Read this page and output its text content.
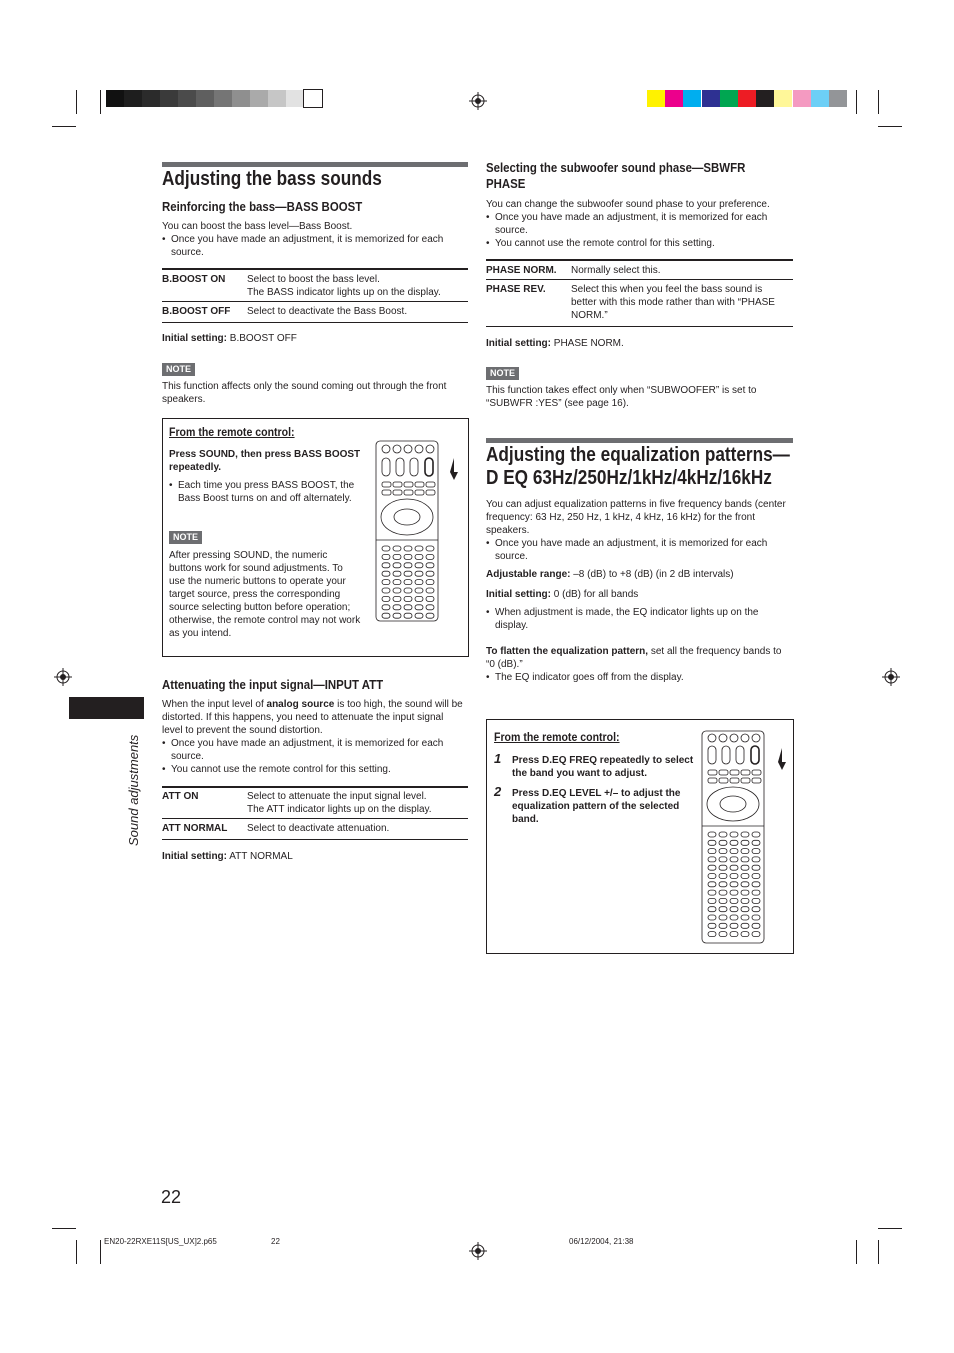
Sound adjustments
Adjusting the bass sounds
Reinforcing the bass—BASS BOOST
You can boost the bass level—Bass Boost.
• Once you have made an adjustment, it is memorized for each source.
B.BOOST ON Select to boost the bass level.
The BASS indicator lights up on the display.
B.BOOST OFF Select to deactivate the Bass Boost.
Initial setting: B.BOOST OFF
NOTE
This function affects only the sound coming out through the front speakers.
From the remote control:
Press SOUND, then press BASS BOOST repeatedly.
• Each time you press BASS BOOST, the Bass Boost turns on and off alternately.
NOTE
After pressing SOUND, the numeric buttons work for sound adjustments. To use the numeric buttons to operate your target source, press the corresponding source selecting button before operation; otherwise, the remote control may not work as you intend.
Attenuating the input signal—INPUT ATT
When the input level of analog source is too high, the sound will be distorted. If this happens, you need to attenuate the input signal level to prevent the sound distortion.
• Once you have made an adjustment, it is memorized for each source.
• You cannot use the remote control for this setting.
ATT ON	Select to attenuate the input signal level.
The ATT indicator lights up on the display.
ATT NORMAL Select to deactivate attenuation.
Initial setting: ATT NORMAL
Selecting the subwoofer sound phase—SBWFR
PHASE
You can change the subwoofer sound phase to your preference.
• Once you have made an adjustment, it is memorized for each source.
• You cannot use the remote control for this setting.
PHASE NORM. Normally select this.
PHASE REV.	Select this when you feel the bass sound is better with this mode rather than with “PHASE NORM.”
Initial setting: PHASE NORM.
NOTE
This function takes effect only when “SUBWOOFER” is set to “SUBWFR :YES” (see page 16).
Adjusting the equalization patterns—
D EQ 63Hz/250Hz/1kHz/4kHz/16kHz
You can adjust equalization patterns in five frequency bands (center frequency: 63 Hz, 250 Hz, 1 kHz, 4 kHz, 16 kHz) for the front speakers.
• Once you have made an adjustment, it is memorized for each source.
Adjustable range: –8 (dB) to +8 (dB) (in 2 dB intervals)
Initial setting: 0 (dB) for all bands
• When adjustment is made, the EQ indicator lights up on the display.
To flatten the equalization pattern, set all the frequency bands to “0 (dB).”
• The EQ indicator goes off from the display.
From the remote control:
1 Press D.EQ FREQ repeatedly to select the band you want to adjust.
2 Press D.EQ LEVEL +/– to adjust the equalization pattern of the selected band.
22
EN20-22RXE11S[US_UX]2.p65	22	06/12/2004, 21:38
